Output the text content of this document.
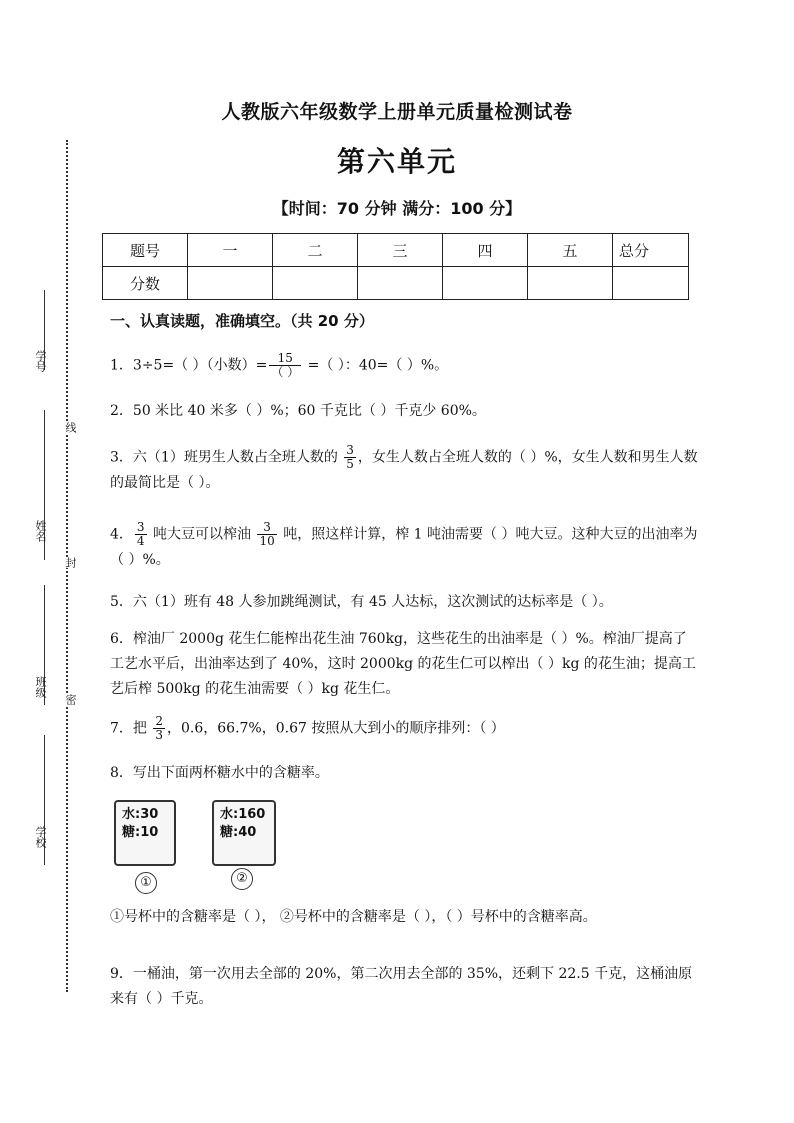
人教版六年级数学上册单元质量检测试卷
第六单元
【时间：70 分钟 满分：100 分】
学号
姓名
班级
学校
线
封
密
题号	一	二	三	四	五	总分
分数						
一、认真读题，准确填空。（共 20 分）
1．3÷5=（ ）（小数）= $\frac{15}{( )}$ =（ ）：40=（ ）%。
2．50 米比 40 米多（ ）%；60 千克比（ ）千克少 60%。
3．六（1）班男生人数占全班人数的 $\frac{3}{5}$ ，女生人数占全班人数的（ ）%，女生人数和男生人数的最简比是（ ）。
4． $\frac{3}{4}$ 吨大豆可以榨油 $\frac{3}{10}$ 吨，照这样计算，榨 1 吨油需要（ ）吨大豆。这种大豆的出油率为（ ）%。
5．六（1）班有 48 人参加跳绳测试，有 45 人达标，这次测试的达标率是（ ）。
6．榨油厂 2000g 花生仁能榨出花生油 760kg，这些花生的出油率是（ ）%。榨油厂提高了工艺水平后，出油率达到了 40%，这时 2000kg 的花生仁可以榨出（ ）kg 的花生油；提高工艺后榨 500kg 的花生油需要（ ）kg 花生仁。
7．把 $\frac{2}{3}$ ，0.6，66.7%，0.67 按照从大到小的顺序排列：（ ）
8．写出下面两杯糖水中的含糖率。
水:30
糖:10
①
水:160
糖:40
②
①号杯中的含糖率是（ ）， ②号杯中的含糖率是（ ），（ ）号杯中的含糖率高。
9．一桶油，第一次用去全部的 20%，第二次用去全部的 35%，还剩下 22.5 千克，这桶油原来有（ ）千克。
